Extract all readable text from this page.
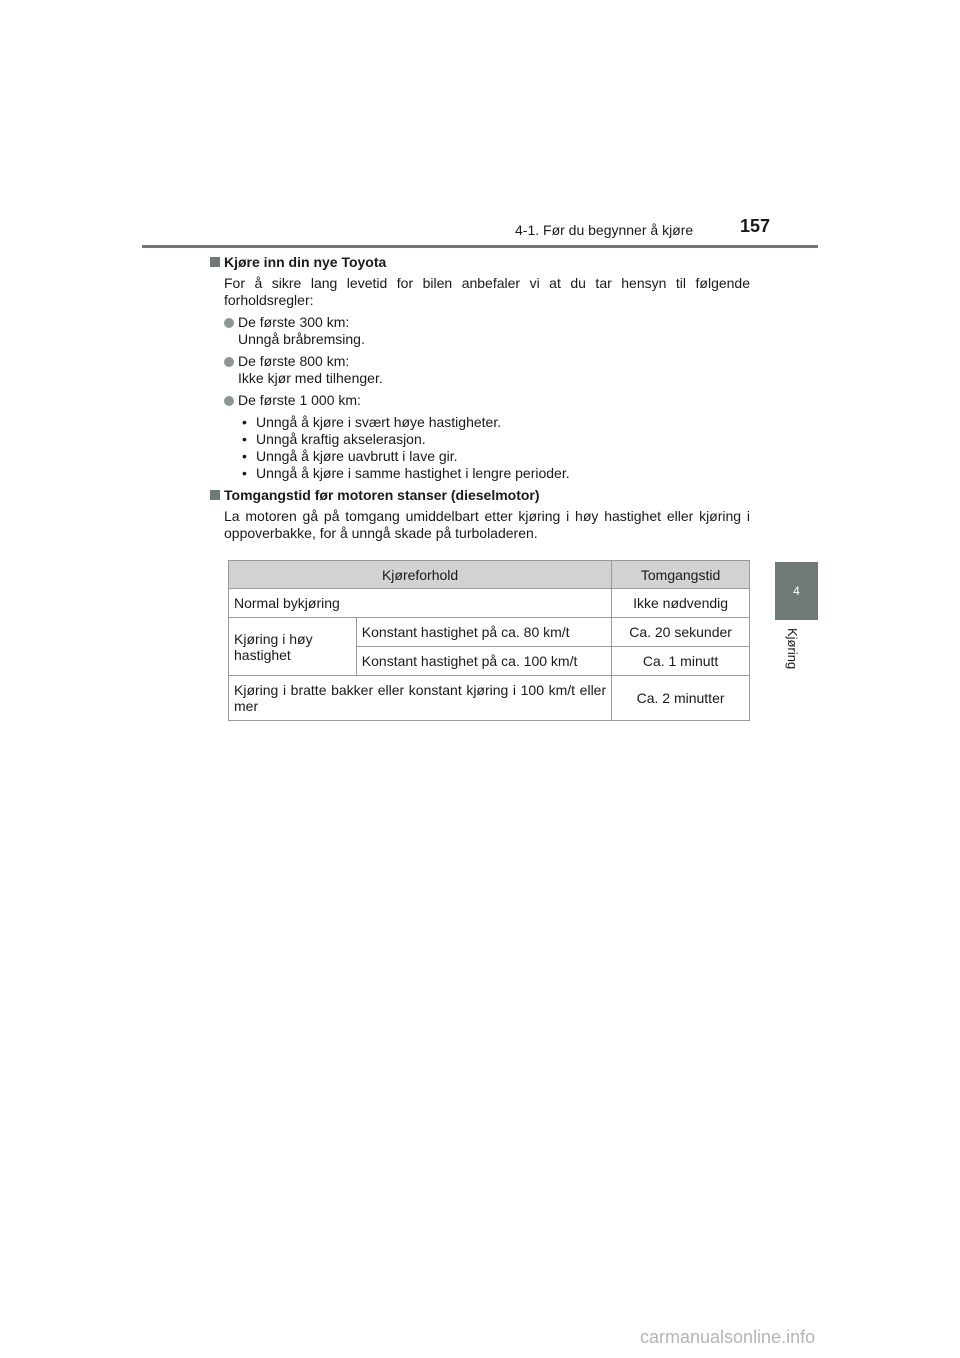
4-1. Før du begynner å kjøre	157
4
Kjøring
Kjøre inn din nye Toyota
For å sikre lang levetid for bilen anbefaler vi at du tar hensyn til følgende forholdsregler:
De første 300 km:
Unngå bråbremsing.
De første 800 km:
Ikke kjør med tilhenger.
De første 1 000 km:
• Unngå å kjøre i svært høye hastigheter.
• Unngå kraftig akselerasjon.
• Unngå å kjøre uavbrutt i lave gir.
• Unngå å kjøre i samme hastighet i lengre perioder.
Tomgangstid før motoren stanser (dieselmotor)
La motoren gå på tomgang umiddelbart etter kjøring i høy hastighet eller kjøring i oppoverbakke, for å unngå skade på turboladeren.
Kjøreforhold		Tomgangstid
Normal bykjøring		Ikke nødvendig
Kjøring i høy hastighet	Konstant hastighet på ca. 80 km/t	Ca. 20 sekunder
	Konstant hastighet på ca. 100 km/t	Ca. 1 minutt
Kjøring i bratte bakker eller konstant kjøring i 100 km/t eller mer		Ca. 2 minutter
carmanualsonline.info
